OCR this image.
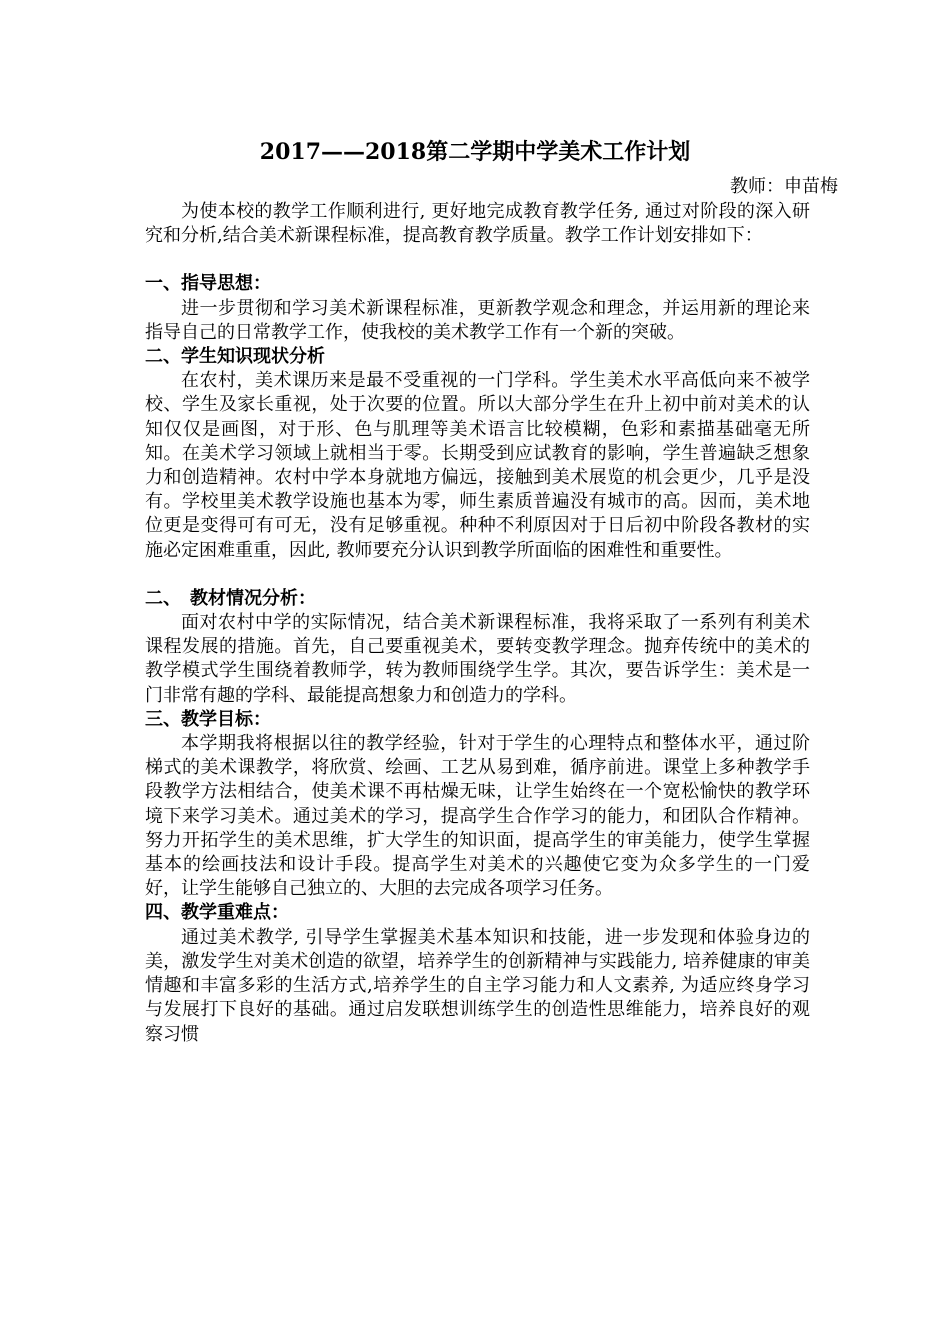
2017——2018第二学期中学美术工作计划
教师：申苗梅

为使本校的教学工作顺利进行, 更好地完成教育教学任务, 通过对阶段的深入研究和分析,结合美术新课程标准，提高教育教学质量。教学工作计划安排如下：

一、指导思想：

进一步贯彻和学习美术新课程标准，更新教学观念和理念，并运用新的理论来指导自己的日常教学工作，使我校的美术教学工作有一个新的突破。

二、学生知识现状分析

在农村，美术课历来是最不受重视的一门学科。学生美术水平高低向来不被学校、学生及家长重视，处于次要的位置。所以大部分学生在升上初中前对美术的认知仅仅是画图，对于形、色与肌理等美术语言比较模糊，色彩和素描基础毫无所知。在美术学习领域上就相当于零。长期受到应试教育的影响，学生普遍缺乏想象力和创造精神。农村中学本身就地方偏远，接触到美术展览的机会更少，几乎是没有。学校里美术教学设施也基本为零，师生素质普遍没有城市的高。因而，美术地位更是变得可有可无，没有足够重视。种种不利原因对于日后初中阶段各教材的实施必定困难重重，因此, 教师要充分认识到教学所面临的困难性和重要性。

二、　教材情况分析：

面对农村中学的实际情况，结合美术新课程标准，我将采取了一系列有利美术课程发展的措施。首先，自己要重视美术，要转变教学理念。抛弃传统中的美术的教学模式学生围绕着教师学，转为教师围绕学生学。其次，要告诉学生：美术是一门非常有趣的学科、最能提高想象力和创造力的学科。

三、教学目标：

本学期我将根据以往的教学经验，针对于学生的心理特点和整体水平，通过阶梯式的美术课教学，将欣赏、绘画、工艺从易到难，循序前进。课堂上多种教学手段教学方法相结合，使美术课不再枯燥无味，让学生始终在一个宽松愉快的教学环境下来学习美术。通过美术的学习，提高学生合作学习的能力，和团队合作精神。努力开拓学生的美术思维，扩大学生的知识面，提高学生的审美能力，使学生掌握基本的绘画技法和设计手段。提高学生对美术的兴趣使它变为众多学生的一门爱好，让学生能够自己独立的、大胆的去完成各项学习任务。

四、教学重难点：

通过美术教学, 引导学生掌握美术基本知识和技能，进一步发现和体验身边的美，激发学生对美术创造的欲望，培养学生的创新精神与实践能力, 培养健康的审美情趣和丰富多彩的生活方式,培养学生的自主学习能力和人文素养, 为适应终身学习与发展打下良好的基础。通过启发联想训练学生的创造性思维能力，培养良好的观察习惯
